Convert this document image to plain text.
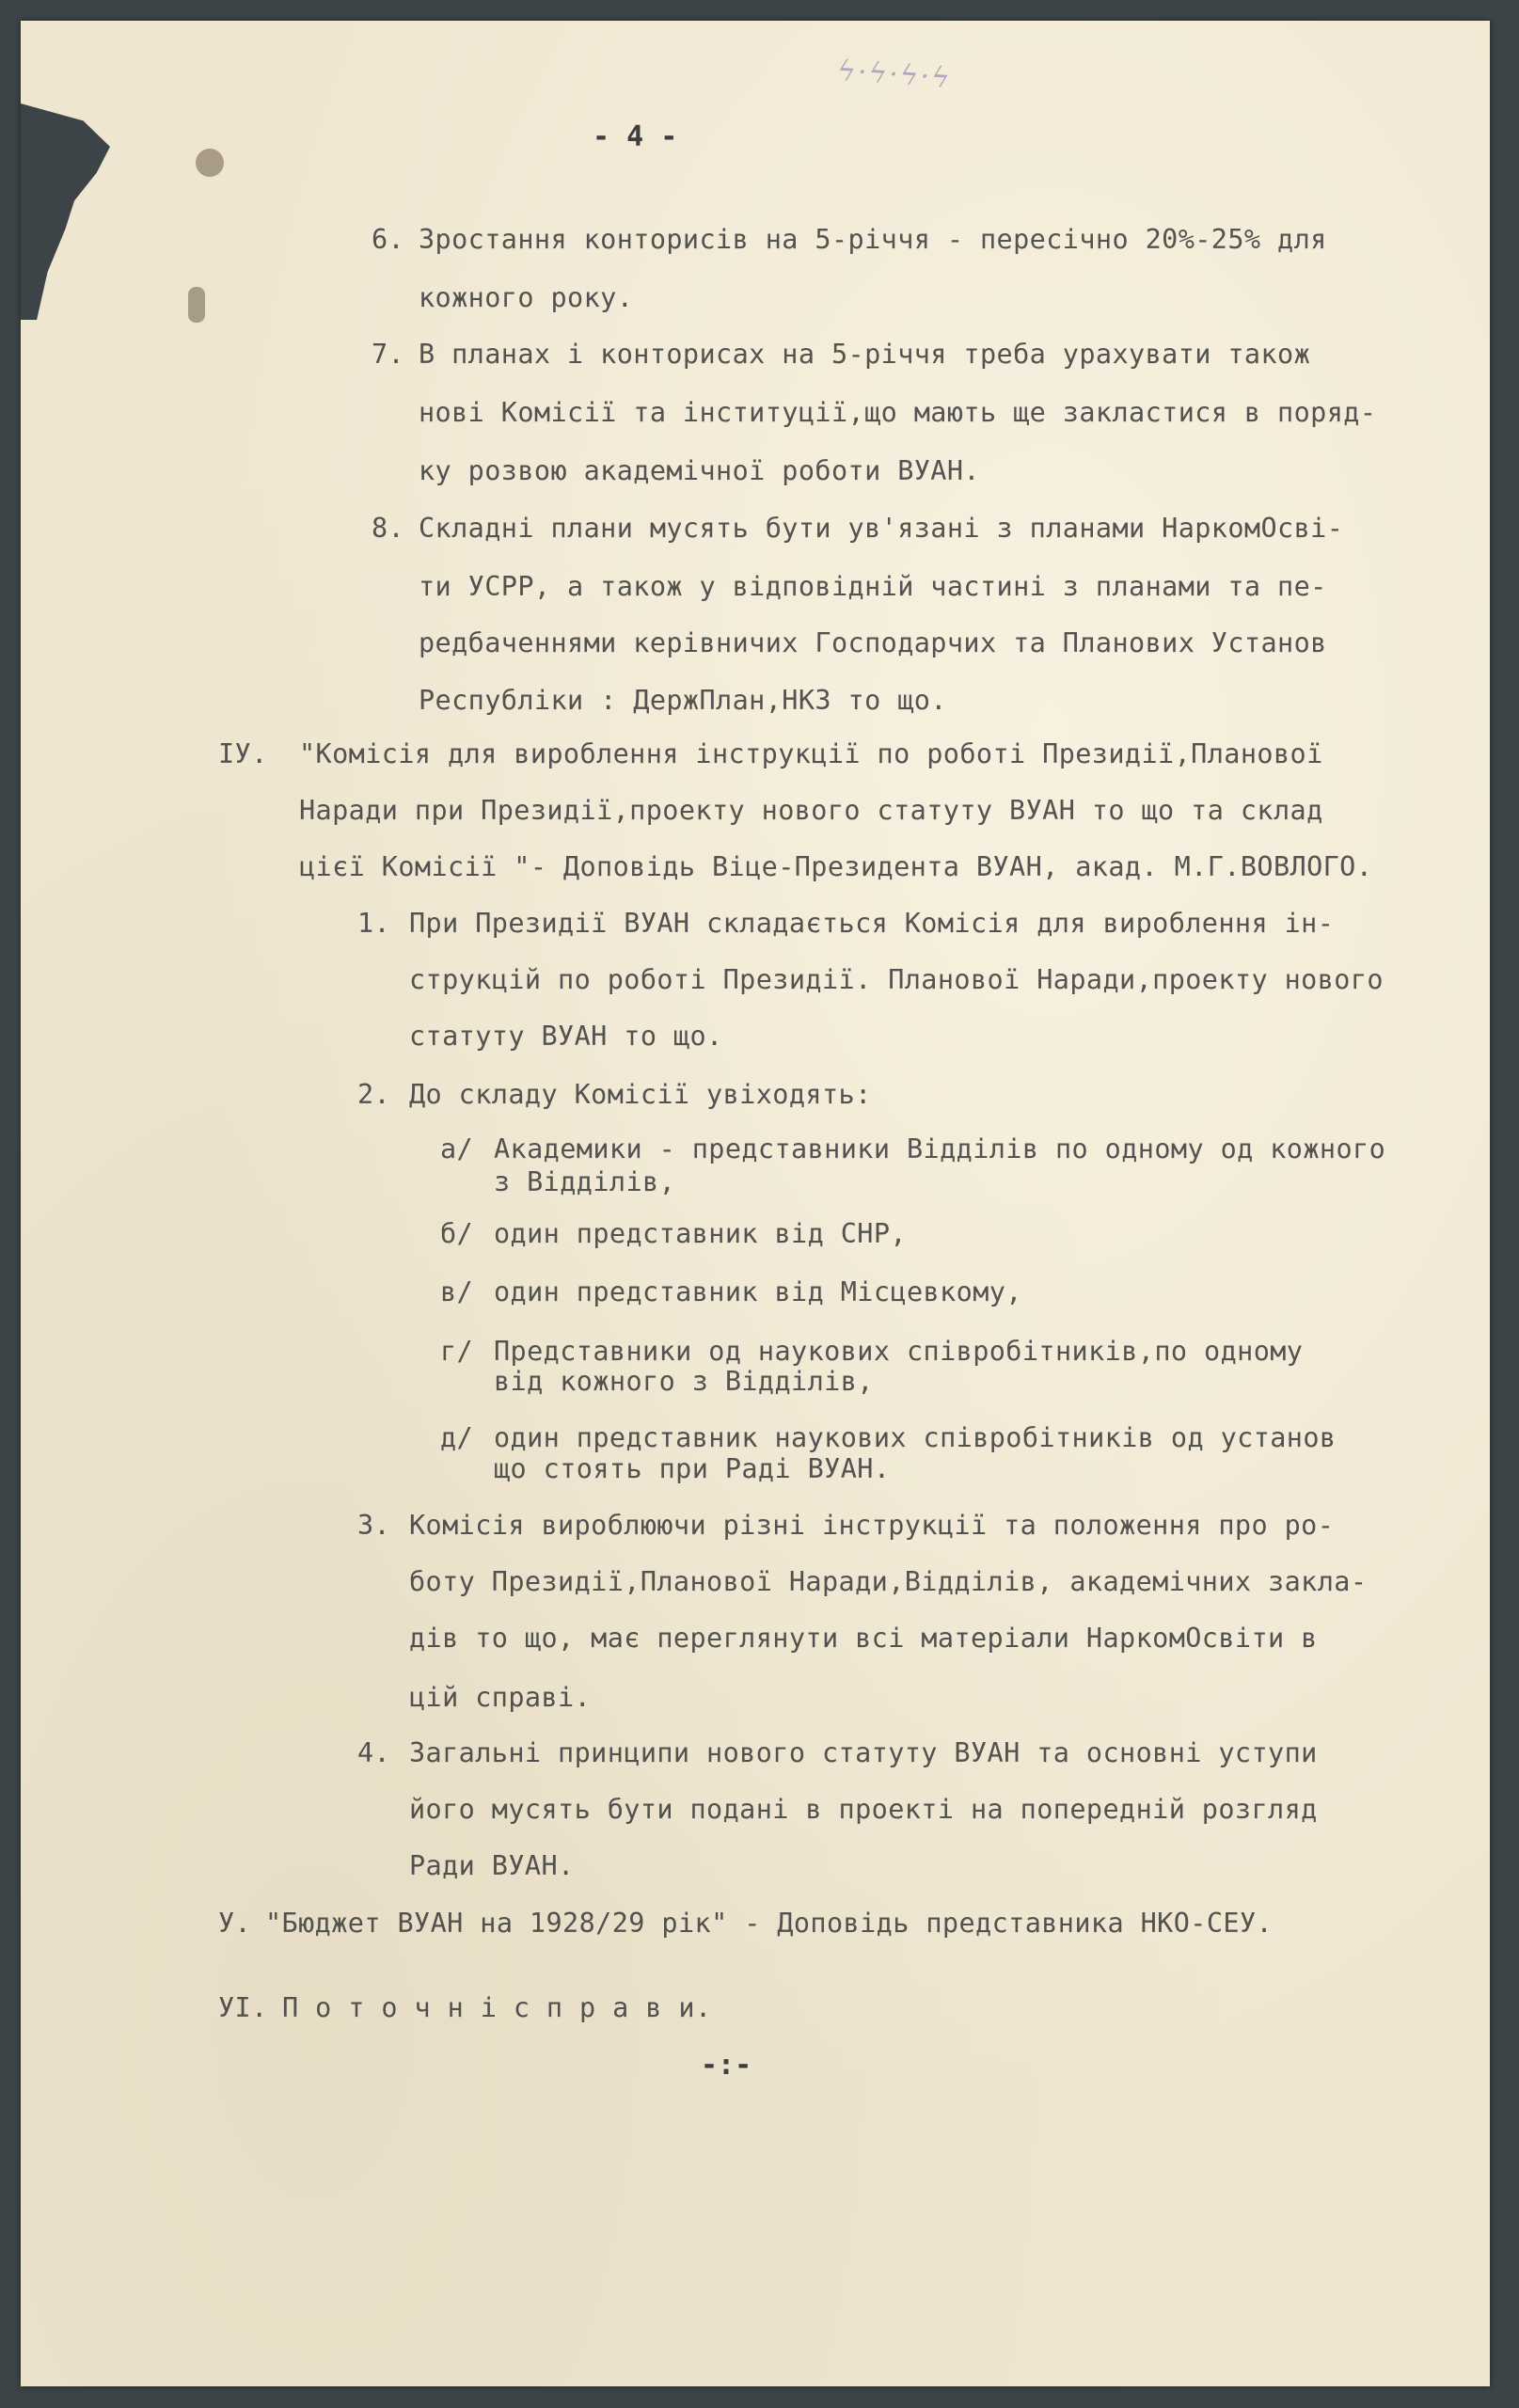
ϟ·ϟ·ϟ·ϟ
- 4 -
6. Зростання конторисів на 5-річчя - пересічно 20%-25% для
кожного року.
7. В планах і конторисах на 5-річчя треба урахувати також
нові Комісії та інституції,що мають ще закластися в поряд-
ку розвою академічної роботи ВУАН.
8. Складні плани мусять бути ув'язані з планами НаркомОсві-
ти УСРР, а також у відповідній частині з планами та пе-
редбаченнями керівничих Господарчих та Планових Установ
Республіки : ДержПлан,НКЗ то що.
ІУ. "Комісія для вироблення інструкції по роботі Президії,Планової
Наради при Президії,проекту нового статуту ВУАН то що та склад
цієї Комісії "- Доповідь Віце-Президента ВУАН, акад. М.Г.ВОВЛОГО.
1. При Президії ВУАН складається Комісія для вироблення ін-
струкцій по роботі Президії. Планової Наради,проекту нового
статуту ВУАН то що.
2. До складу Комісії увіходять:
а/ Академики - представники Відділів по одному од кожного
з Відділів,
б/ один представник від СНР,
в/ один представник від Місцевкому,
г/ Представники од наукових співробітників,по одному
від кожного з Відділів,
д/ один представник наукових співробітників од установ
що стоять при Раді ВУАН.
3. Комісія вироблюючи різні інструкції та положення про ро-
боту Президії,Планової Наради,Відділів, академічних закла-
дів то що, має переглянути всі матеріали НаркомОсвіти в
цій справі.
4. Загальні принципи нового статуту ВУАН та основні уступи
його мусять бути подані в проекті на попередній розгляд
Ради ВУАН.
У. "Бюджет ВУАН на 1928/29 рік" - Доповідь представника НКО-СЕУ.
УІ. П о т о ч н і с п р а в и.
-:-
